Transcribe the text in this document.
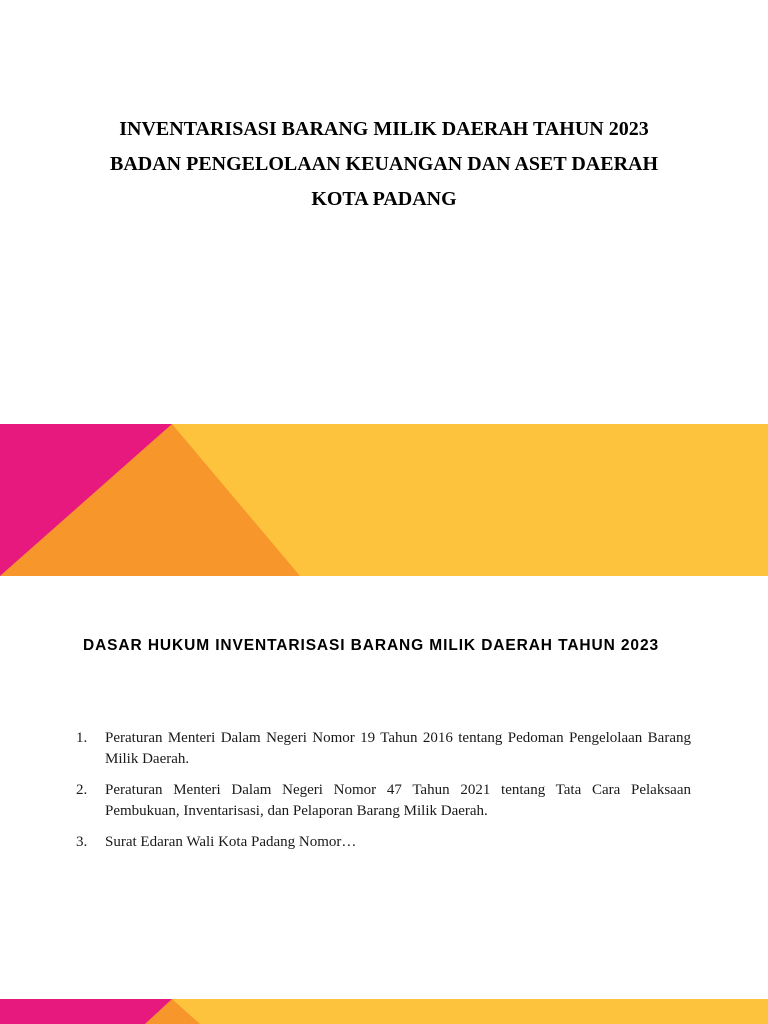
INVENTARISASI BARANG MILIK DAERAH TAHUN 2023
BADAN PENGELOLAAN KEUANGAN DAN ASET DAERAH
KOTA PADANG
DASAR HUKUM INVENTARISASI BARANG MILIK DAERAH TAHUN 2023
1. Peraturan Menteri Dalam Negeri Nomor 19 Tahun 2016 tentang Pedoman Pengelolaan Barang Milik Daerah.
2. Peraturan Menteri Dalam Negeri Nomor 47 Tahun 2021 tentang Tata Cara Pelaksaan Pembukuan, Inventarisasi, dan Pelaporan Barang Milik Daerah.
3. Surat Edaran Wali Kota Padang Nomor…
